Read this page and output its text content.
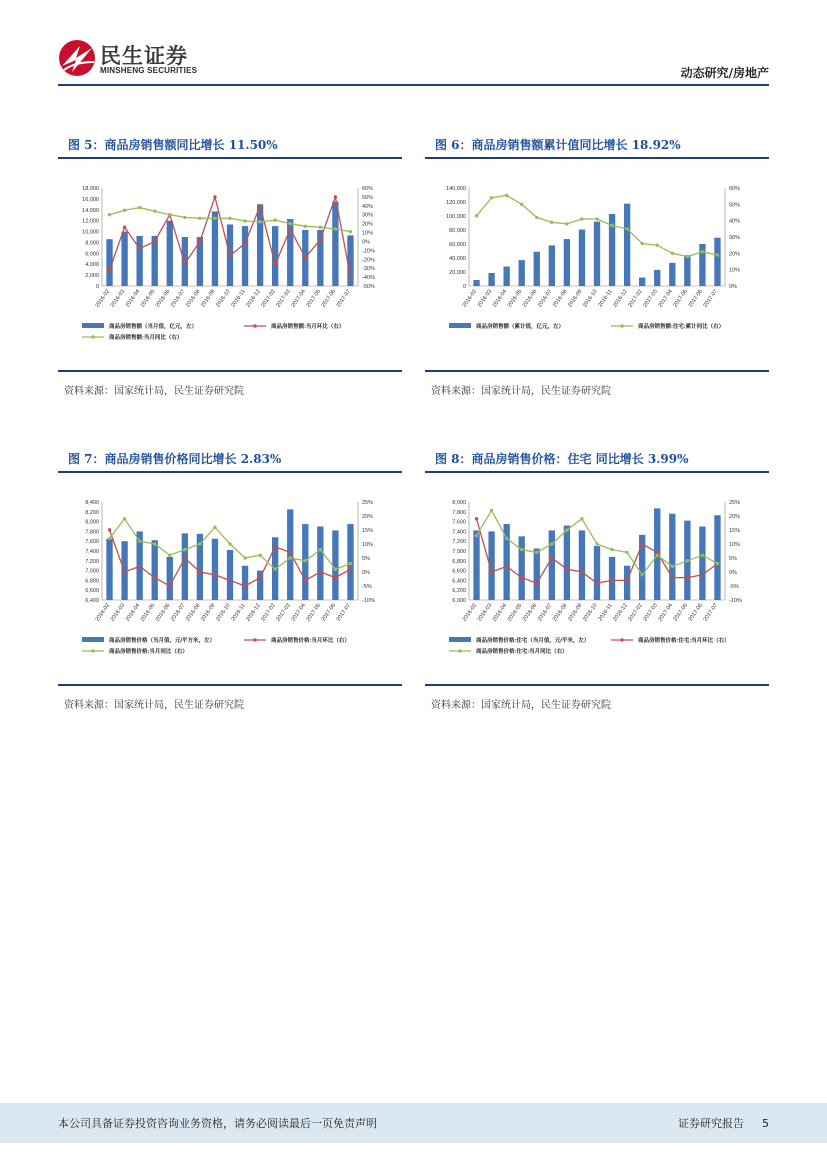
民生证券
MINSHENG SECURITIES	动态研究/房地产
图 5：商品房销售额同比增长 11.50%
0
2,000
4,000
6,000
8,000
10,000
12,000
14,000
16,000
18,000
-50%
-40%
-30%
-20%
-10%
0%
10%
20%
30%
40%
50%
60%
2016-02
2016-03
2016-04
2016-05
2016-06
2016-07
2016-08
2016-09
2016-10
2016-11
2016-12
2017-02
2017-03
2017-04
2017-05
2017-06
2017-07
商品房销售额（当月值，亿元，左）	商品房销售额:当月环比（右）
商品房销售额:当月同比（右）
资料来源：国家统计局，民生证券研究院
图 6：商品房销售额累计值同比增长 18.92%
0
20,000
40,000
60,000
80,000
100,000
120,000
140,000
0%
10%
20%
30%
40%
50%
60%
2016-02
2016-03
2016-04
2016-05
2016-06
2016-07
2016-08
2016-09
2016-10
2016-11
2016-12
2017-02
2017-03
2017-04
2017-05
2017-06
2017-07
商品房销售额（累计值，亿元，左）	商品房销售额:住宅:累计同比（右）
资料来源：国家统计局，民生证券研究院
图 7：商品房销售价格同比增长 2.83%
6,400
6,600
6,800
7,000
7,200
7,400
7,600
7,800
8,000
8,200
8,400
-10%
-5%
0%
5%
10%
15%
20%
25%
2016-02
2016-03
2016-04
2016-05
2016-06
2016-07
2016-08
2016-09
2016-10
2016-11
2016-12
2017-02
2017-03
2017-04
2017-05
2017-06
2017-07
商品房销售价格（当月值，元/平方米，左）	商品房销售价格:当月环比（右）
商品房销售价格:当月同比（右）
资料来源：国家统计局，民生证券研究院
图 8：商品房销售价格：住宅 同比增长 3.99%
6,000
6,200
6,400
6,600
6,800
7,000
7,200
7,400
7,600
7,800
8,000
-10%
-5%
0%
5%
10%
15%
20%
25%
2016-02
2016-03
2016-04
2016-05
2016-06
2016-07
2016-08
2016-09
2016-10
2016-11
2016-12
2017-02
2017-03
2017-04
2017-05
2017-06
2017-07
商品房销售价格:住宅（当月值，元/平米，左）	商品房销售价格:住宅:当月环比（右）
商品房销售价格:住宅:当月同比（右）
资料来源：国家统计局，民生证券研究院
本公司具备证券投资咨询业务资格，请务必阅读最后一页免责声明	证券研究报告 5
